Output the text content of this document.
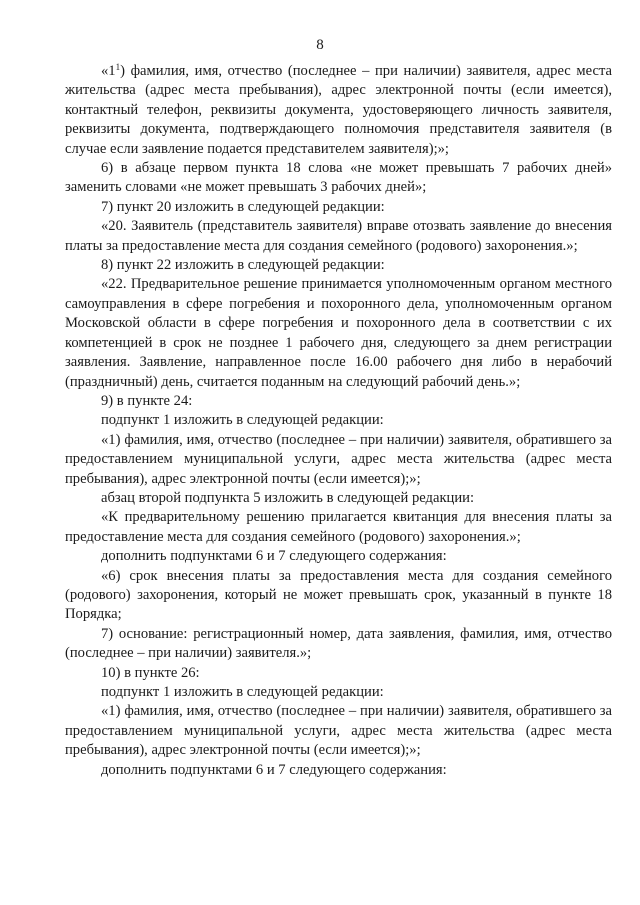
8

«$1^1$) фамилия, имя, отчество (последнее – при наличии) заявителя, адрес места жительства (адрес места пребывания), адрес электронной почты (если имеется), контактный телефон, реквизиты документа, удостоверяющего личность заявителя, реквизиты документа, подтверждающего полномочия представителя заявителя (в случае если заявление подается представителем заявителя);»;

6) в абзаце первом пункта 18 слова «не может превышать 7 рабочих дней» заменить словами «не может превышать 3 рабочих дней»;

7) пункт 20 изложить в следующей редакции:

«20. Заявитель (представитель заявителя) вправе отозвать заявление до внесения платы за предоставление места для создания семейного (родового) захоронения.»;

8) пункт 22 изложить в следующей редакции:

«22. Предварительное решение принимается уполномоченным органом местного самоуправления в сфере погребения и похоронного дела, уполномоченным органом Московской области в сфере погребения и похоронного дела в соответствии с их компетенцией в срок не позднее 1 рабочего дня, следующего за днем регистрации заявления. Заявление, направленное после 16.00 рабочего дня либо в нерабочий (праздничный) день, считается поданным на следующий рабочий день.»;

9) в пункте 24:

подпункт 1 изложить в следующей редакции:

«1) фамилия, имя, отчество (последнее – при наличии) заявителя, обратившего за предоставлением муниципальной услуги, адрес места жительства (адрес места пребывания), адрес электронной почты (если имеется);»;

абзац второй подпункта 5 изложить в следующей редакции:

«К предварительному решению прилагается квитанция для внесения платы за предоставление места для создания семейного (родового) захоронения.»;

дополнить подпунктами 6 и 7 следующего содержания:

«6) срок внесения платы за предоставления места для создания семейного (родового) захоронения, который не может превышать срок, указанный в пункте 18 Порядка;

7) основание: регистрационный номер, дата заявления, фамилия, имя, отчество (последнее – при наличии) заявителя.»;

10) в пункте 26:

подпункт 1 изложить в следующей редакции:

«1) фамилия, имя, отчество (последнее – при наличии) заявителя, обратившего за предоставлением муниципальной услуги, адрес места жительства (адрес места пребывания), адрес электронной почты (если имеется);»;

дополнить подпунктами 6 и 7 следующего содержания:
